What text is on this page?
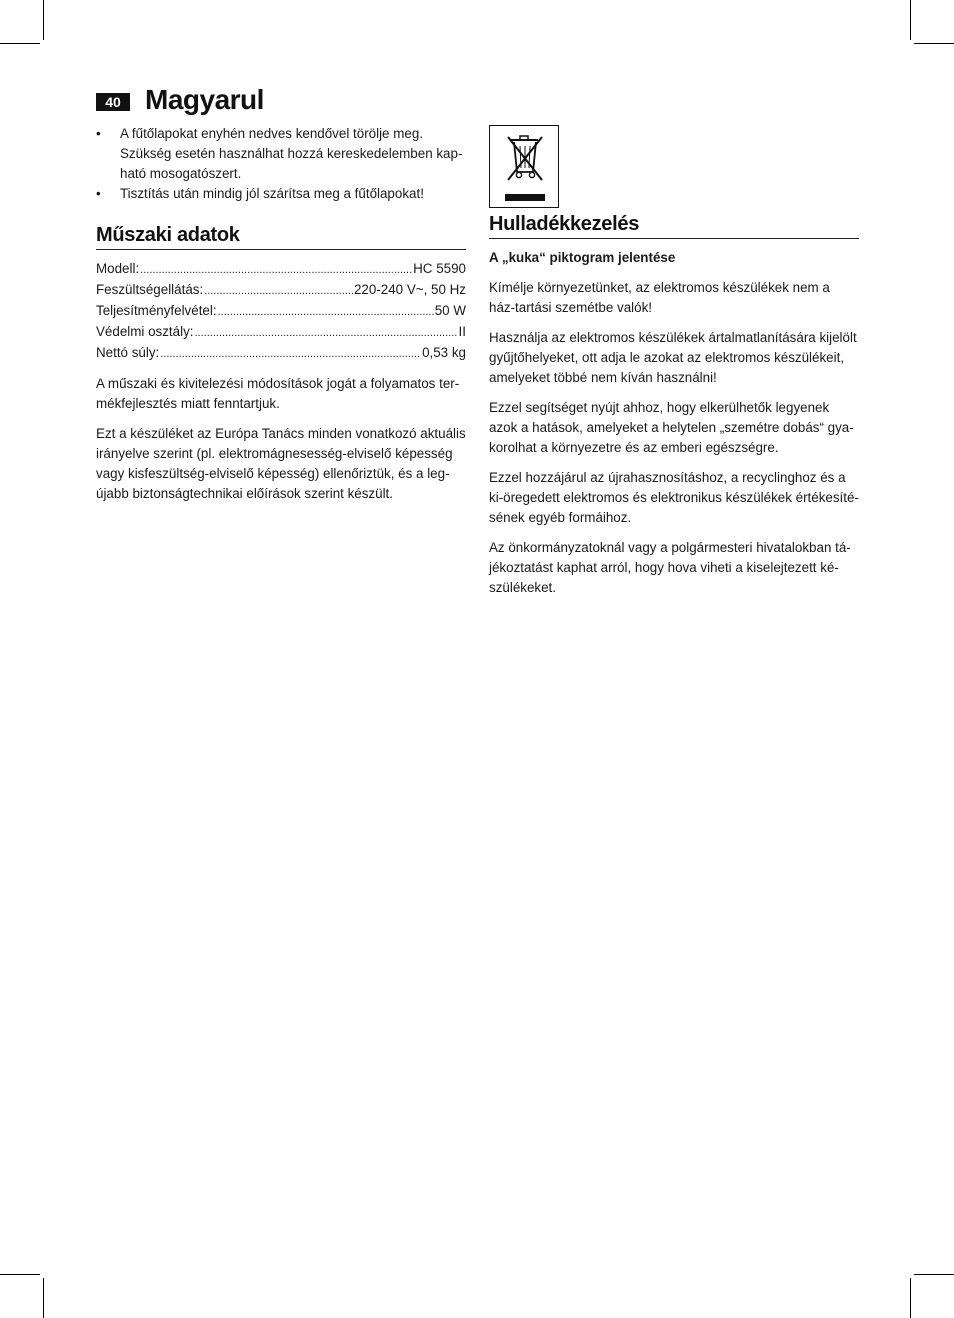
40 Magyarul
• A fűtőlapokat enyhén nedves kendővel törölje meg. Szükség esetén használhat hozzá kereskedelemben kap-ható mosogatószert.
• Tisztítás után mindig jól szárítsa meg a fűtőlapokat!
Műszaki adatok
Modell: .....	HC 5590
Feszültségellátás: .....	220-240 V~, 50 Hz
Teljesítményfelvétel: .....	50 W
Védelmi osztály: .....	II
Nettó súly: .....	0,53 kg

A műszaki és kivitelezési módosítások jogát a folyamatos ter-mékfejlesztés miatt fenntartjuk.

Ezt a készüléket az Európa Tanács minden vonatkozó aktuális irányelve szerint (pl. elektromágnesesség-elviselő képesség vagy kisfeszültség-elviselő képesség) ellenőriztük, és a leg-újabb biztonságtechnikai előírások szerint készült.

Hulladékkezelés
A „kuka“ piktogram jelentése

Kímélje környezetünket, az elektromos készülékek nem a ház-tartási szemétbe valók!

Használja az elektromos készülékek ártalmatlanítására kijelölt gyűjtőhelyeket, ott adja le azokat az elektromos készülékeit, amelyeket többé nem kíván használni!

Ezzel segítséget nyújt ahhoz, hogy elkerülhetők legyenek azok a hatások, amelyeket a helytelen „szemétre dobás“ gya-korolhat a környezetre és az emberi egészségre.

Ezzel hozzájárul az újrahasznosításhoz, a recyclinghoz és a ki-öregedett elektromos és elektronikus készülékek értékesíté-sének egyéb formáihoz.

Az önkormányzatoknál vagy a polgármesteri hivatalokban tá-jékoztatást kaphat arról, hogy hova viheti a kiselejtezett ké-szülékeket.
